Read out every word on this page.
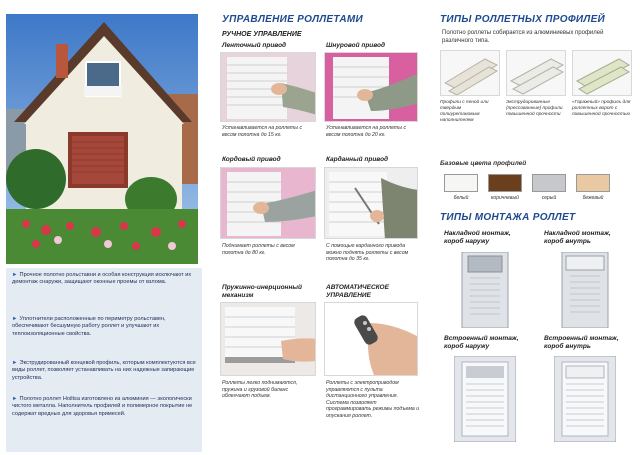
► Прочное полотно рольставни и особая конструкция исключают их демонтаж снаружи, защищают оконные проемы от взлома.
► Уплотнители расположенные по периметру рольставен, обеспечивают бесшумную работу роллет и улучшают их теплоизоляционные свойства.
► Экструдированный концевой профиль, которым комплектуются все виды роллет, позволяет устанавливать на них надежные запирающие устройства.
► Полотно роллет Hoiltsa изготовлено из алюминия — экологически чистого металла. Наполнитель профилей и полимерное покрытие не содержат вредных для здоровья примесей.
УПРАВЛЕНИЕ РОЛЛЕТАМИ
РУЧНОЕ УПРАВЛЕНИЕ
Ленточный привод
Устанавливается на роллеты с весом полотна до 15 кг.
Шнуровой привод
Устанавливается на роллеты с весом полотна до 20 кг.
Кордовый привод
Поднимает роллеты с весом полотна до 80 кг.
Карданный привод
С помощью карданного привода можно поднять роллеты с весом полотна до 35 кг.
Пружинно-инерционный механизм
Роллеты легко поднимаются, пружина и грузовой баланс облегчают подъем.
АВТОМАТИЧЕСКОЕ УПРАВЛЕНИЕ
Роллеты с электроприводом управляются с пульта дистанционного управления. Система позволяет программировать режимы подъема и опускания роллет.
ТИПЫ РОЛЛЕТНЫХ ПРОФИЛЕЙ
Полотно роллеты собирается из алюминиевых профилей различного типа.
Профили с пеной или твердым полиуретановым наполнителем
Экструдированные (прессованные) профили повышенной прочности
«Гаражный» профиль для роллетных ворот с повышенной прочностью
Базовые цвета профилей
белый	коричневый	серый	бежевый
ТИПЫ МОНТАЖА РОЛЛЕТ
Накладной монтаж, короб наружу
Накладной монтаж, короб внутрь
Встроенный монтаж, короб наружу
Встроенный монтаж, короб внутрь
